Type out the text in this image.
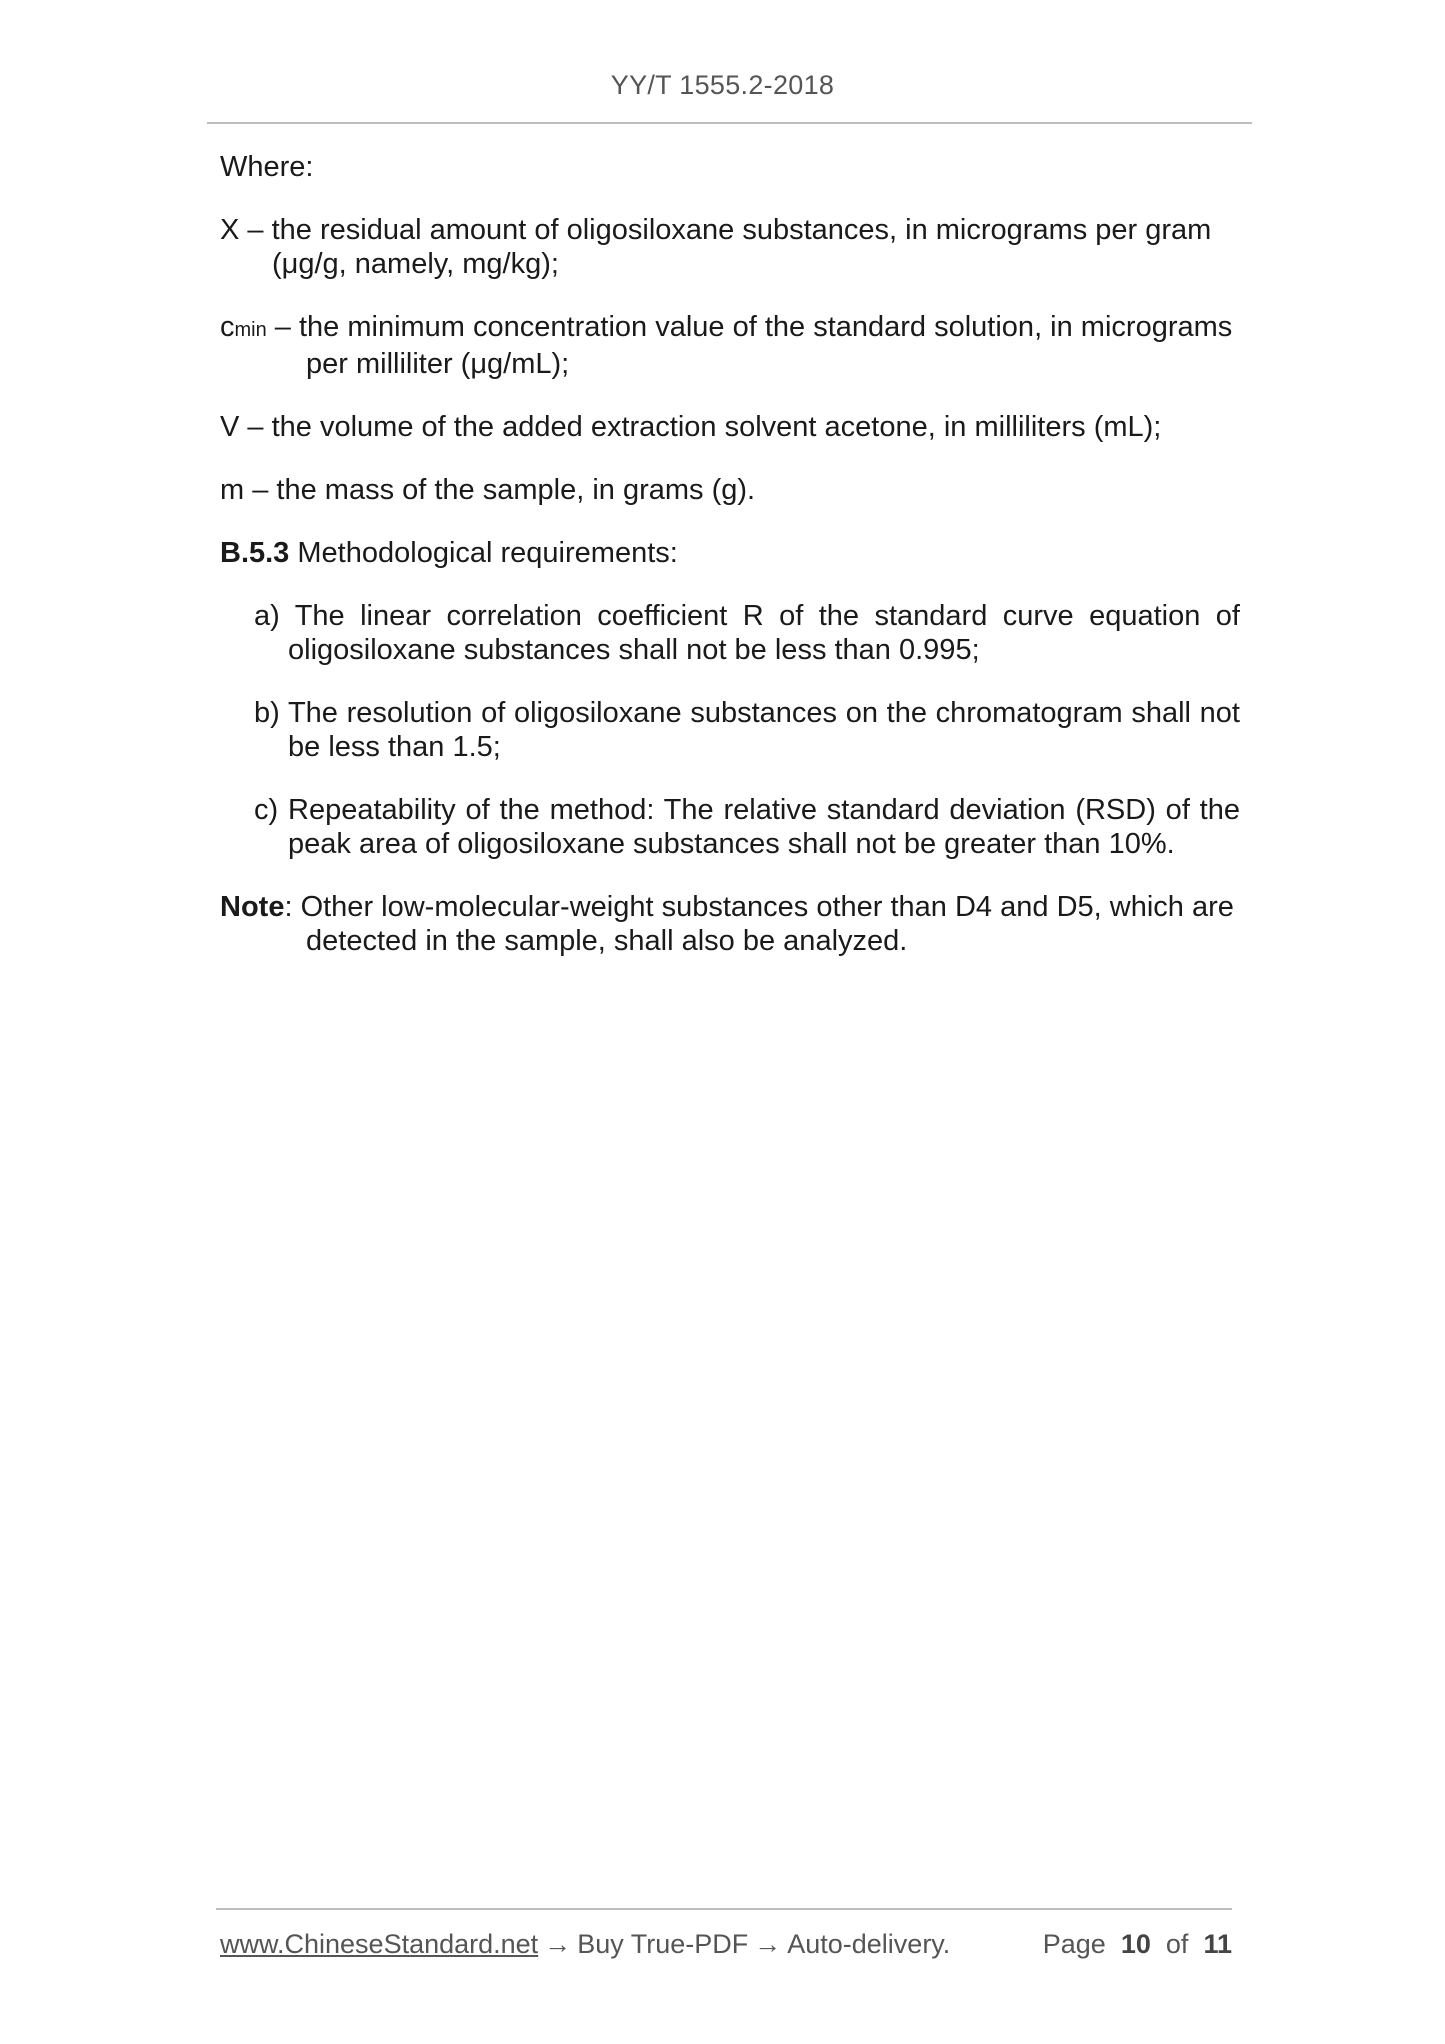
YY/T 1555.2-2018

Where:

X – the residual amount of oligosiloxane substances, in micrograms per gram (μg/g, namely, mg/kg);

cmin – the minimum concentration value of the standard solution, in micrograms per milliliter (μg/mL);

V – the volume of the added extraction solvent acetone, in milliliters (mL);

m – the mass of the sample, in grams (g).

B.5.3 Methodological requirements:

a) The linear correlation coefficient R of the standard curve equation of oligosiloxane substances shall not be less than 0.995;

b) The resolution of oligosiloxane substances on the chromatogram shall not be less than 1.5;

c) Repeatability of the method: The relative standard deviation (RSD) of the peak area of oligosiloxane substances shall not be greater than 10%.

Note: Other low-molecular-weight substances other than D4 and D5, which are detected in the sample, shall also be analyzed.

www.ChineseStandard.net → Buy True-PDF → Auto-delivery.	Page 10 of 11
